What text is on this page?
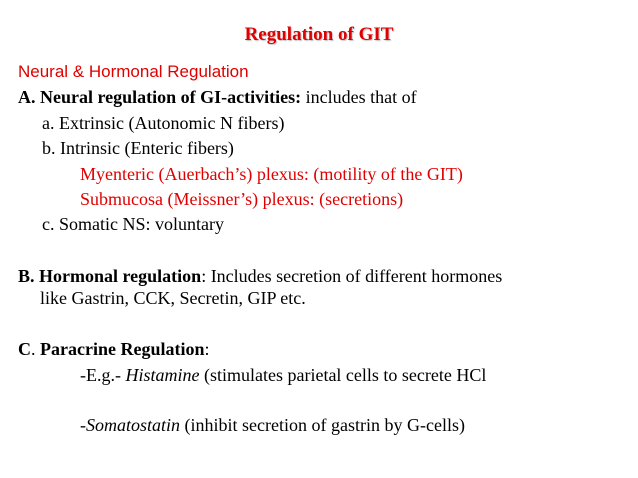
Regulation of GIT
Neural & Hormonal Regulation
A. Neural regulation of GI-activities: includes that of
a. Extrinsic (Autonomic N fibers)
b. Intrinsic (Enteric fibers)
Myenteric (Auerbach’s) plexus: (motility of the GIT)
Submucosa (Meissner’s) plexus: (secretions)
c. Somatic NS: voluntary
B. Hormonal regulation: Includes secretion of different hormones
like Gastrin, CCK, Secretin, GIP etc.
C. Paracrine Regulation:
-E.g.- Histamine (stimulates parietal cells to secrete HCl
-Somatostatin (inhibit secretion of gastrin by G-cells)
